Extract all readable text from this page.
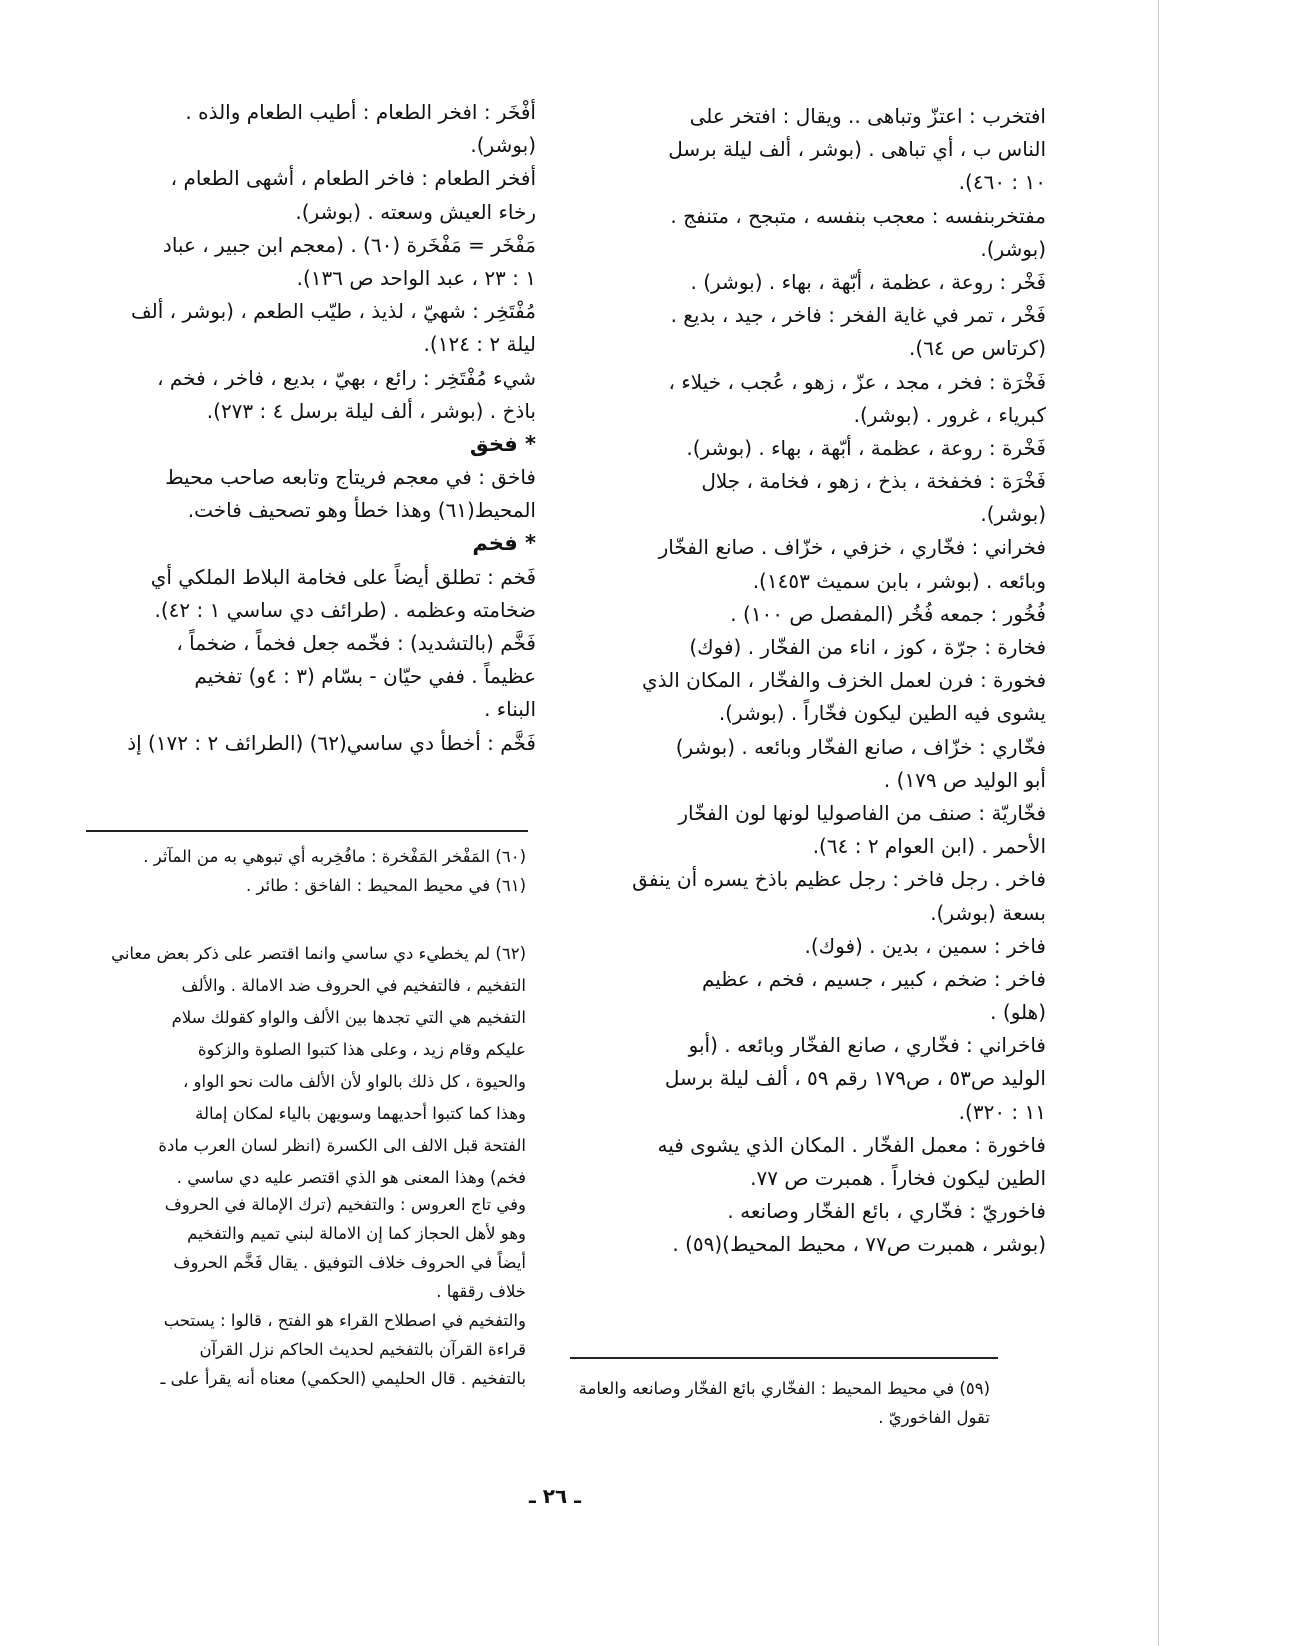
افتخرب : اعتزّ وتباهى .. ويقال : افتخر على
الناس ب ، أي تباهى . (بوشر ، ألف ليلة برسل
١٠ : ٤٦٠).
مفتخربنفسه : معجب بنفسه ، متبجح ، متنفج .
(بوشر).
فَخْر : روعة ، عظمة ، أبّهة ، بهاء . (بوشر) .
فَخْر ، تمر في غاية الفخر : فاخر ، جيد ، بديع .
(كرتاس ص ٦٤).
فَخْرَة : فخر ، مجد ، عزّ ، زهو ، عُجب ، خيلاء ،
كبرياء ، غرور . (بوشر).
فَخْرة : روعة ، عظمة ، أبّهة ، بهاء . (بوشر).
فَخْرَة : فخفخة ، بذخ ، زهو ، فخامة ، جلال
(بوشر).
فخراني : فخّاري ، خزفي ، خزّاف . صانع الفخّار
وبائعه . (بوشر ، بابن سميث ١٤٥٣).
فُخُور : جمعه فُخُر (المفصل ص ١٠٠) .
فخارة : جرّة ، كوز ، اناء من الفخّار . (فوك)
فخورة : فرن لعمل الخزف والفخّار ، المكان الذي
يشوى فيه الطين ليكون فخّاراً . (بوشر).
فخّاري : خزّاف ، صانع الفخّار وبائعه . (بوشر)
أبو الوليد ص ١٧٩) .
فخّاريّة : صنف من الفاصوليا لونها لون الفخّار
الأحمر . (ابن العوام ٢ : ٦٤).
فاخر . رجل فاخر : رجل عظيم باذخ يسره أن ينفق
بسعة (بوشر).
فاخر : سمين ، بدين . (فوك).
فاخر : ضخم ، كبير ، جسيم ، فخم ، عظيم
(هلو) .
فاخراني : فخّاري ، صانع الفخّار وبائعه . (أبو
الوليد ص٥٣ ، ص١٧٩ رقم ٥٩ ، ألف ليلة برسل
١١ : ٣٢٠).
فاخورة : معمل الفخّار . المكان الذي يشوى فيه
الطين ليكون فخاراً . همبرت ص ٧٧.
فاخوريّ : فخّاري ، بائع الفخّار وصانعه .
(بوشر ، همبرت ص٧٧ ، محيط المحيط)(٥٩) .
(٥٩) في محيط المحيط : الفخّاري بائع الفخّار وصانعه والعامة
تقول الفاخوريّ .
أفْخَر : افخر الطعام : أطيب الطعام والذه .
(بوشر).
أفخر الطعام : فاخر الطعام ، أشهى الطعام ،
رخاء العيش وسعته . (بوشر).
مَفْخَر = مَفْخَرة (٦٠) . (معجم ابن جبير ، عباد
١ : ٢٣ ، عبد الواحد ص ١٣٦).
مُفْتَخِر : شهيّ ، لذيذ ، طيّب الطعم ، (بوشر ، ألف
ليلة ٢ : ١٢٤).
شيء مُفْتَخِر : رائع ، بهيّ ، بديع ، فاخر ، فخم ،
باذخ . (بوشر ، ألف ليلة برسل ٤ : ٢٧٣).
* فخق
فاخق : في معجم فريتاج وتابعه صاحب محيط
المحيط(٦١) وهذا خطأ وهو تصحيف فاخت.
* فخم
فَخم : تطلق أيضاً على فخامة البلاط الملكي أي
ضخامته وعظمه . (طرائف دي ساسي ١ : ٤٢).
فَخَّم (بالتشديد) : فخّمه جعل فخماً ، ضخماً ،
عظيماً . ففي حيّان - بسّام (٣ : ٤و) تفخيم
البناء .
فَخَّم : أخطأ دي ساسي(٦٢) (الطرائف ٢ : ١٧٢) إذ
(٦٠) المَفْخر المَفْخرة : مافُخِربه أي تبوهي به من المآثر .
(٦١) في محيط المحيط : الفاخق : طائر .
(٦٢) لم يخطيء دي ساسي وانما اقتصر على ذكر بعض معاني
التفخيم ، فالتفخيم في الحروف ضد الامالة . والألف
التفخيم هي التي تجدها بين الألف والواو كقولك سلام
عليكم وقام زيد ، وعلى هذا كتبوا الصلوة والزكوة
والحيوة ، كل ذلك بالواو لأن الألف مالت نحو الواو ،
وهذا كما كتبوا أحديهما وسويهن بالياء لمكان إمالة
الفتحة قبل الالف الى الكسرة (انظر لسان العرب مادة
فخم) وهذا المعنى هو الذي اقتصر عليه دي ساسي .
وفي تاج العروس : والتفخيم (ترك الإمالة في الحروف
وهو لأهل الحجاز كما إن الامالة لبني تميم والتفخيم
أيضاً في الحروف خلاف التوفيق . يقال فَخَّم الحروف
خلاف رققها .
والتفخيم في اصطلاح القراء هو الفتح ، قالوا : يستحب
قراءة القرآن بالتفخيم لحديث الحاكم نزل القرآن
بالتفخيم . قال الحليمي (الحكمي) معناه أنه يقرأ على ـ
ـ ٢٦ ـ
